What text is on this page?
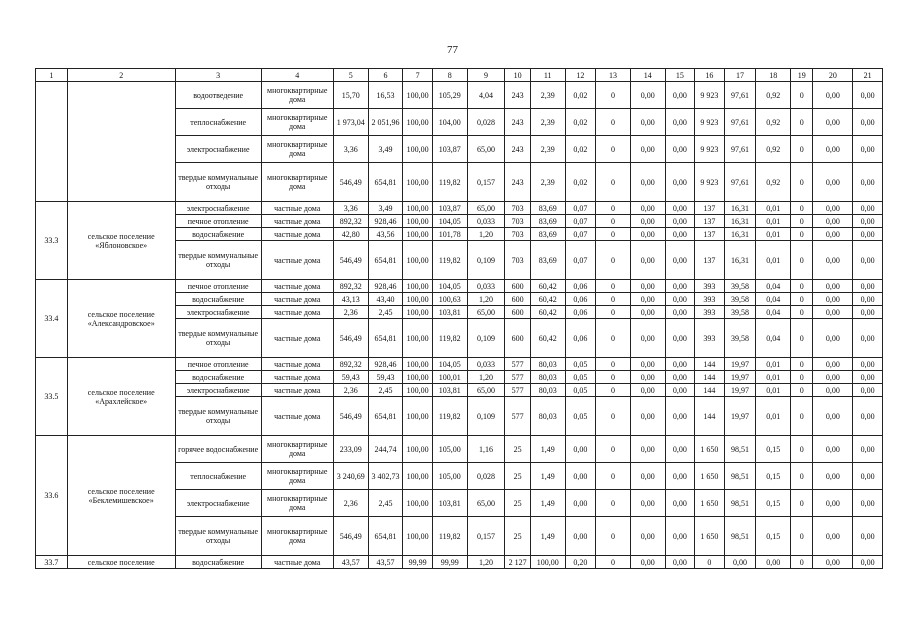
77
1	2	3	4	5	6	7	8	9	10	11	12	13	14	15	16	17	18	19	20	21
		водоотведение	многоквартирные дома	15,70	16,53	100,00	105,29	4,04	243	2,39	0,02	0	0,00	0,00	9 923	97,61	0,92	0	0,00	0,00
		теплоснабжение	многоквартирные дома	1 973,04	2 051,96	100,00	104,00	0,028	243	2,39	0,02	0	0,00	0,00	9 923	97,61	0,92	0	0,00	0,00
		электроснабжение	многоквартирные дома	3,36	3,49	100,00	103,87	65,00	243	2,39	0,02	0	0,00	0,00	9 923	97,61	0,92	0	0,00	0,00
		твердые коммунальные отходы	многоквартирные дома	546,49	654,81	100,00	119,82	0,157	243	2,39	0,02	0	0,00	0,00	9 923	97,61	0,92	0	0,00	0,00
33.3	сельское поселение «Яблоновское»	электроснабжение	частные дома	3,36	3,49	100,00	103,87	65,00	703	83,69	0,07	0	0,00	0,00	137	16,31	0,01	0	0,00	0,00
		печное отопление	частные дома	892,32	928,46	100,00	104,05	0,033	703	83,69	0,07	0	0,00	0,00	137	16,31	0,01	0	0,00	0,00
		водоснабжение	частные дома	42,80	43,56	100,00	101,78	1,20	703	83,69	0,07	0	0,00	0,00	137	16,31	0,01	0	0,00	0,00
		твердые коммунальные отходы	частные дома	546,49	654,81	100,00	119,82	0,109	703	83,69	0,07	0	0,00	0,00	137	16,31	0,01	0	0,00	0,00
33.4	сельское поселение «Александровское»	печное отопление	частные дома	892,32	928,46	100,00	104,05	0,033	600	60,42	0,06	0	0,00	0,00	393	39,58	0,04	0	0,00	0,00
		водоснабжение	частные дома	43,13	43,40	100,00	100,63	1,20	600	60,42	0,06	0	0,00	0,00	393	39,58	0,04	0	0,00	0,00
		электроснабжение	частные дома	2,36	2,45	100,00	103,81	65,00	600	60,42	0,06	0	0,00	0,00	393	39,58	0,04	0	0,00	0,00
		твердые коммунальные отходы	частные дома	546,49	654,81	100,00	119,82	0,109	600	60,42	0,06	0	0,00	0,00	393	39,58	0,04	0	0,00	0,00
33.5	сельское поселение «Арахлейское»	печное отопление	частные дома	892,32	928,46	100,00	104,05	0,033	577	80,03	0,05	0	0,00	0,00	144	19,97	0,01	0	0,00	0,00
		водоснабжение	частные дома	59,43	59,43	100,00	100,01	1,20	577	80,03	0,05	0	0,00	0,00	144	19,97	0,01	0	0,00	0,00
		электроснабжение	частные дома	2,36	2,45	100,00	103,81	65,00	577	80,03	0,05	0	0,00	0,00	144	19,97	0,01	0	0,00	0,00
		твердые коммунальные отходы	частные дома	546,49	654,81	100,00	119,82	0,109	577	80,03	0,05	0	0,00	0,00	144	19,97	0,01	0	0,00	0,00
33.6	сельское поселение «Беклемишевское»	горячее водоснабжение	многоквартирные дома	233,09	244,74	100,00	105,00	1,16	25	1,49	0,00	0	0,00	0,00	1 650	98,51	0,15	0	0,00	0,00
		теплоснабжение	многоквартирные дома	3 240,69	3 402,73	100,00	105,00	0,028	25	1,49	0,00	0	0,00	0,00	1 650	98,51	0,15	0	0,00	0,00
		электроснабжение	многоквартирные дома	2,36	2,45	100,00	103,81	65,00	25	1,49	0,00	0	0,00	0,00	1 650	98,51	0,15	0	0,00	0,00
		твердые коммунальные отходы	многоквартирные дома	546,49	654,81	100,00	119,82	0,157	25	1,49	0,00	0	0,00	0,00	1 650	98,51	0,15	0	0,00	0,00
33.7	сельское поселение	водоснабжение	частные дома	43,57	43,57	99,99	99,99	1,20	2 127	100,00	0,20	0	0,00	0,00	0	0,00	0,00	0	0,00	0,00
